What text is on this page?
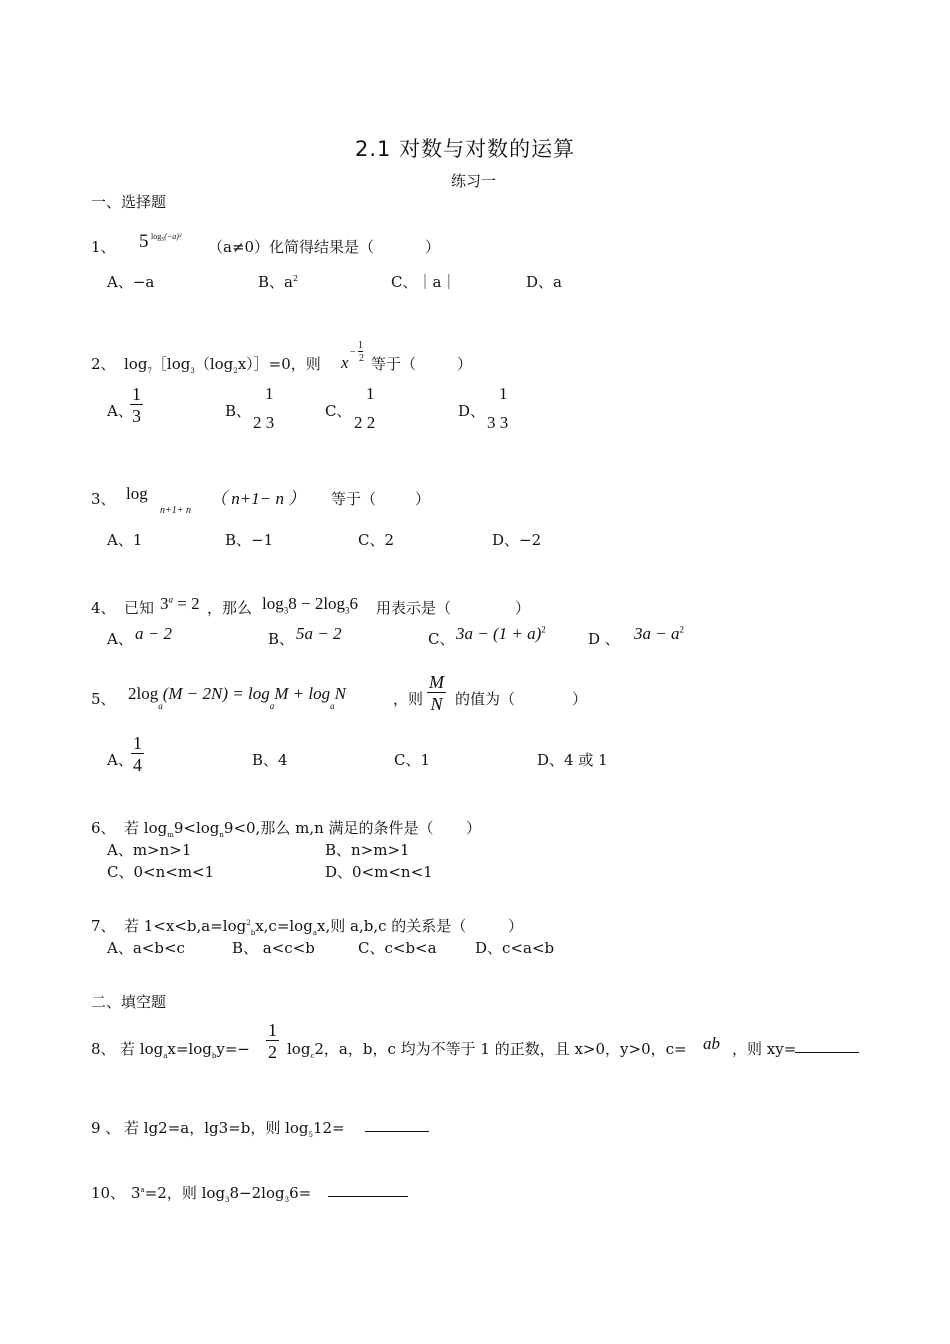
2.1 对数与对数的运算
练习一
一、选择题
1、 5 $\log_5(-a)^2$
（a≠0）化简得结果是（	）
A、−a	B、$a^2$	C、｜a｜	D、a
2、 $\log_7[\log_3(\log_2x)]=0$，则 x
−
1
2 等于（	）
A、
$\frac{1}{3}$	B、
1
2 3
C、
1
2 2
D、
1
3 3
3、 log
n+1+ n
（ n+1− n ） 等于（	）
A、1	B、−1	C、2	D、−2
4、 已知 $3^a = 2$ ，那么 $\log_38 - 2\log_36$ 用表示是（	）
A、 a − 2	B、 5a − 2	C、 $3a - (1 + a)^2$
D 、 $3a - a^2$
5、 $2\log_a(M - 2N) = \log_aM + \log_aN$	，则 $\frac{M}{N}$ 的值为（	）
A、
$\frac{1}{4}$	B、4	C、1	D、4 或 1
6、 若 $\log_m9<\log_n9<0$,那么 m,n 满足的条件是（ ）
A、m>n>1	B、n>m>1
C、0<n<m<1	D、0<m<n<1
7、 若 $1<x<b,a=\log^2_bx,c=\log_ax$,则 a,b,c 的关系是（	）
A、a<b<c	B、 a<c<b	C、c<b<a	D、c<a<b
二、填空题
8、 若 $\log_ax=\log_by=- \frac{1}{2} \log_c2$，a，b，c 均为不等于 1 的正数，且 x>0，y>0，c= ab ，则 xy=
9 、 若 lg2=a，lg3=b，则 $\log_512=$
10、 $3^a=2$，则 $\log_38-2\log_36=$
